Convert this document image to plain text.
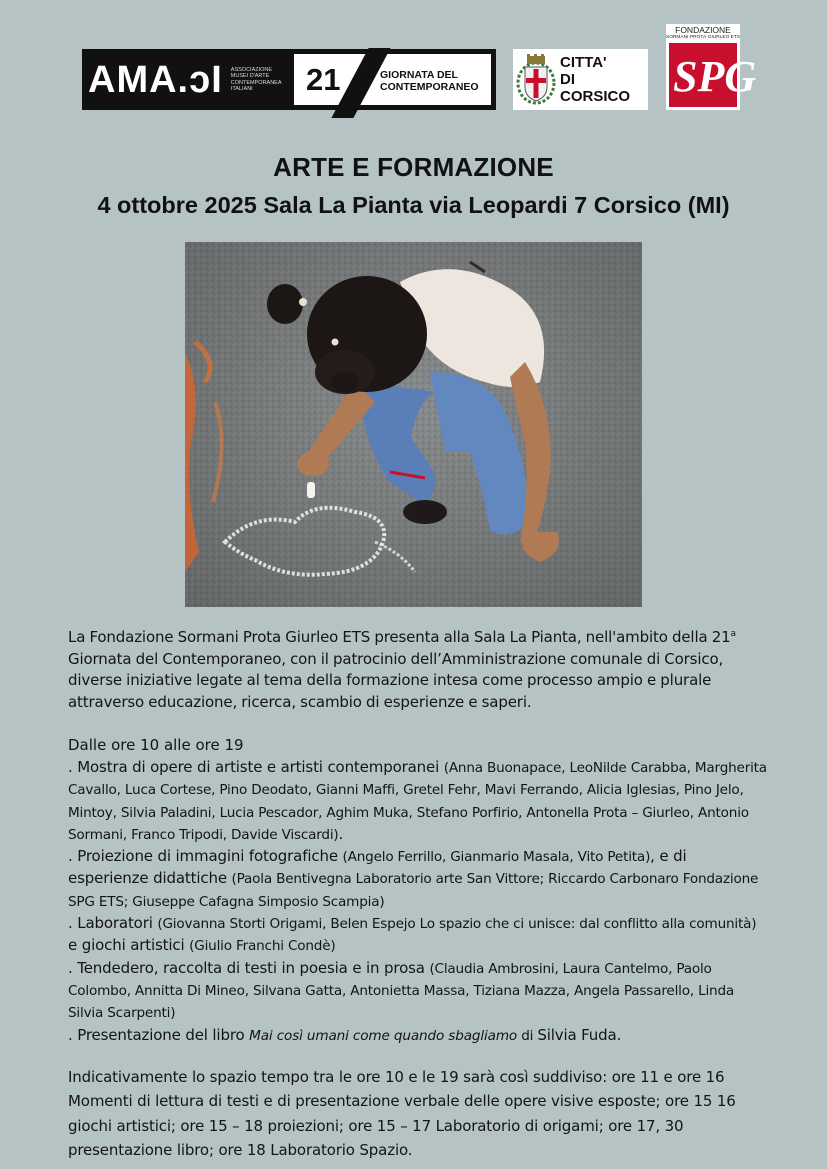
AMA.ↄI ASSOCIAZIONE
MUSEI D'ARTE
CONTEMPORANEA
ITALIANI	21	GIORNATA DEL
CONTEMPORANEO
CITTA'
DI CORSICO
FONDAZIONE
SORMANI·PROTA·GIURLEO ETS
SPG
ARTE E FORMAZIONE
4 ottobre 2025 Sala La Pianta via Leopardi 7 Corsico (MI)

La Fondazione Sormani Prota Giurleo ETS presenta alla Sala La Pianta, nell'ambito della 21$^a$ Giornata del Contemporaneo, con il patrocinio dell’Amministrazione comunale di Corsico, diverse iniziative legate al tema della formazione intesa come processo ampio e plurale attraverso educazione, ricerca, scambio di esperienze e saperi.

Dalle ore 10 alle ore 19

. Mostra di opere di artiste e artisti contemporanei (Anna Buonapace, LeoNilde Carabba, Margherita Cavallo, Luca Cortese, Pino Deodato, Gianni Maffi, Gretel Fehr, Mavi Ferrando, Alicia Iglesias, Pino Jelo, Mintoy, Silvia Paladini, Lucia Pescador, Aghim Muka, Stefano Porfirio, Antonella Prota – Giurleo, Antonio Sormani, Franco Tripodi, Davide Viscardi).

. Proiezione di immagini fotografiche (Angelo Ferrillo, Gianmario Masala, Vito Petita), e di esperienze didattiche (Paola Bentivegna Laboratorio arte San Vittore; Riccardo Carbonaro Fondazione SPG ETS; Giuseppe Cafagna Simposio Scampia)

. Laboratori (Giovanna Storti Origami, Belen Espejo Lo spazio che ci unisce: dal conflitto alla comunità) e giochi artistici (Giulio Franchi Condè)

. Tendedero, raccolta di testi in poesia e in prosa (Claudia Ambrosini, Laura Cantelmo, Paolo Colombo, Annitta Di Mineo, Silvana Gatta, Antonietta Massa, Tiziana Mazza, Angela Passarello, Linda Silvia Scarpenti)

. Presentazione del libro Mai così umani come quando sbagliamo di Silvia Fuda.

Indicativamente lo spazio tempo tra le ore 10 e le 19 sarà così suddiviso: ore 11 e ore 16 Momenti di lettura di testi e di presentazione verbale delle opere visive esposte; ore 15 16 giochi artistici; ore 15 – 18 proiezioni; ore 15 – 17 Laboratorio di origami; ore 17, 30 presentazione libro; ore 18 Laboratorio Spazio.
